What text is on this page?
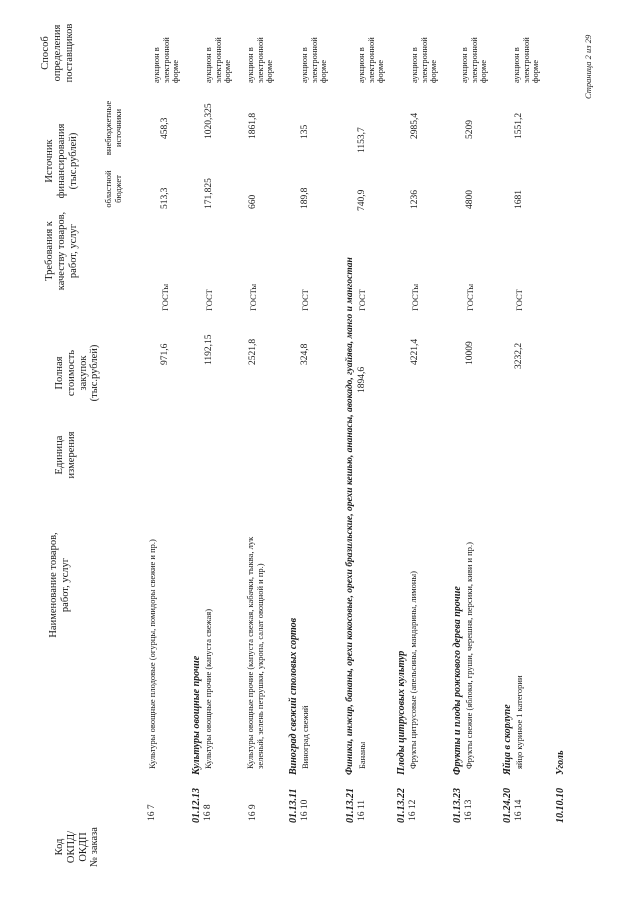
Код ОКПД/ ОКДП № заказа
Наименование товаров, работ, услуг
Единица измерения
Полная стоимость закупок (тыс.рублей)
Требования к качеству товаров, работ, услуг
Источник финансирования (тыс.рублей)	областной бюджет
внебюджетные источники
Способ определения поставщиков
16 7
Культуры овощные плодовые (огурцы, помидоры свежие и пр.)
971,6
ГОСТы
513,3
458,3
аукцион в электронной форме
01.12.13
Культуры овощные прочие
16 8
Культуры овощные прочие (капуста свежая)
1192,15
ГОСТ
171,825
1020,325
аукцион в электронной форме
16 9
Культуры овощные прочие (капуста свежая, кабачки, тыква, лук зеленый, зелень петрушки, укропа, салат овощной и пр.)
2521,8
ГОСТы
660
1861,8
аукцион в электронной форме
01.13.11
Виноград свежий столовых сортов
16 10
Виноград свежий
324,8
ГОСТ
189,8
135
аукцион в электронной форме
01.13.21
Финики, инжир, бананы, орехи кокосовые, орехи бразильские, орехи кешью, ананасы, авокадо, гуайява, манго и мангостан
16 11
Бананы
1894,6
ГОСТ
740,9
1153,7
аукцион в электронной форме
01.13.22
Плоды цитрусовых культур
16 12
Фрукты цитрусовые (апельсины, мандарины, лимоны)
4221,4
ГОСТы
1236
2985,4
аукцион в электронной форме
01.13.23
Фрукты и плоды рожкового дерева прочие
16 13
Фрукты свежие (яблоки, груши, черешня, персики, киви и пр.)
10009
ГОСТы
4800
5209
аукцион в электронной форме
01.24.20
Яйца в скорлупе
16 14
яйцо куриное 1 категории
3232,2
ГОСТ
1681
1551,2
аукцион в электронной форме
10.10.10
Уголь
Страница 2 из 29
